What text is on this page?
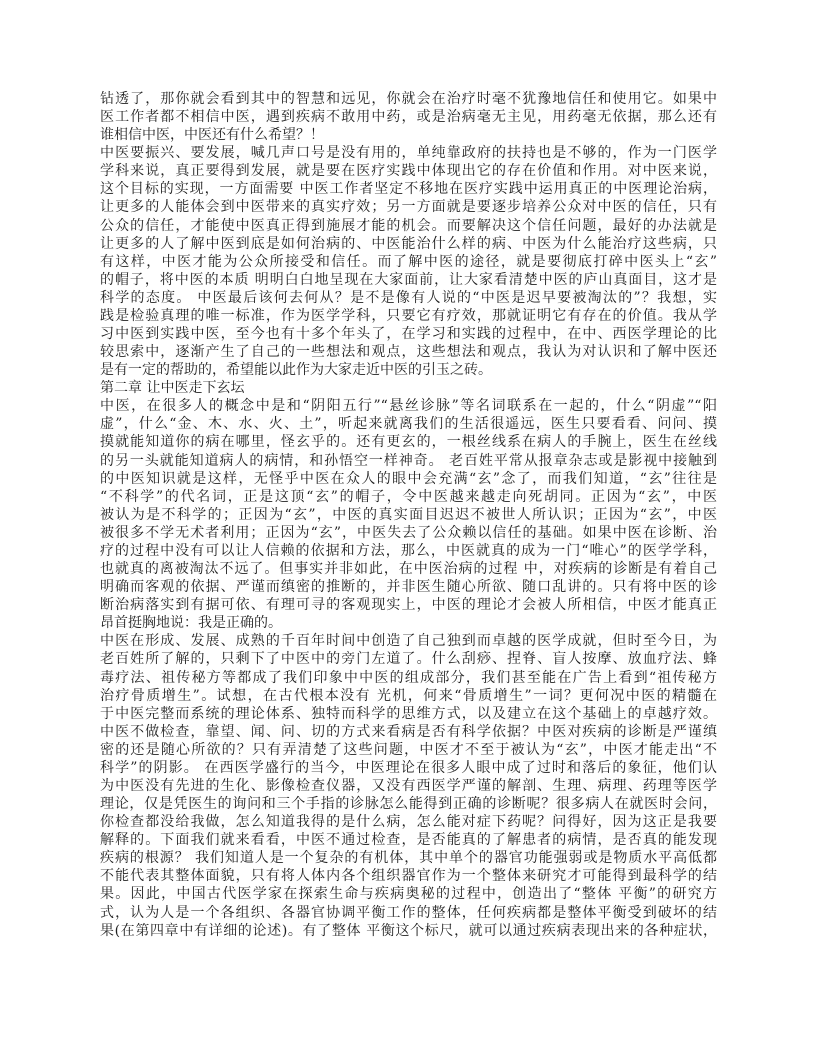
钻透了，那你就会看到其中的智慧和远见，你就会在治疗时毫不犹豫地信任和使用它。如果中
医工作者都不相信中医，遇到疾病不敢用中药，或是治病毫无主见，用药毫无依据，那么还有
谁相信中医，中医还有什么希望？！
中医要振兴、要发展，喊几声口号是没有用的，单纯靠政府的扶持也是不够的，作为一门医学
学科来说，真正要得到发展，就是要在医疗实践中体现出它的存在价值和作用。对中医来说，
这个目标的实现，一方面需要 中医工作者坚定不移地在医疗实践中运用真正的中医理论治病，
让更多的人能体会到中医带来的真实疗效；另一方面就是要逐步培养公众对中医的信任，只有
公众的信任，才能使中医真正得到施展才能的机会。而要解决这个信任问题，最好的办法就是
让更多的人了解中医到底是如何治病的、中医能治什么样的病、中医为什么能治疗这些病，只
有这样，中医才能为公众所接受和信任。而了解中医的途径，就是要彻底打碎中医头上“玄”
的帽子，将中医的本质 明明白白地呈现在大家面前，让大家看清楚中医的庐山真面目，这才是
科学的态度。 中医最后该何去何从？是不是像有人说的“中医是迟早要被淘汰的”？我想，实
践是检验真理的唯一标准，作为医学学科，只要它有疗效，那就证明它有存在的价值。我从学
习中医到实践中医，至今也有十多个年头了，在学习和实践的过程中，在中、西医学理论的比
较思索中，逐渐产生了自己的一些想法和观点，这些想法和观点，我认为对认识和了解中医还
是有一定的帮助的，希望能以此作为大家走近中医的引玉之砖。
第二章 让中医走下玄坛
中医，在很多人的概念中是和“阴阳五行”“悬丝诊脉”等名词联系在一起的，什么“阴虚”“阳
虚”，什么“金、木、水、火、土”，听起来就离我们的生活很遥远，医生只要看看、问问、摸
摸就能知道你的病在哪里，怪玄乎的。还有更玄的，一根丝线系在病人的手腕上，医生在丝线
的另一头就能知道病人的病情，和孙悟空一样神奇。 老百姓平常从报章杂志或是影视中接触到
的中医知识就是这样，无怪乎中医在众人的眼中会充满“玄”念了，而我们知道，“玄”往往是
“不科学”的代名词，正是这顶“玄”的帽子，令中医越来越走向死胡同。正因为“玄”，中医
被认为是不科学的；正因为“玄”，中医的真实面目迟迟不被世人所认识；正因为“玄”，中医
被很多不学无术者利用；正因为“玄”，中医失去了公众赖以信任的基础。如果中医在诊断、治
疗的过程中没有可以让人信赖的依据和方法，那么，中医就真的成为一门“唯心”的医学学科，
也就真的离被淘汰不远了。但事实并非如此，在中医治病的过程 中，对疾病的诊断是有着自己
明确而客观的依据、严谨而缜密的推断的，并非医生随心所欲、随口乱讲的。只有将中医的诊
断治病落实到有据可依、有理可寻的客观现实上，中医的理论才会被人所相信，中医才能真正
昂首挺胸地说：我是正确的。
中医在形成、发展、成熟的千百年时间中创造了自己独到而卓越的医学成就，但时至今日，为
老百姓所了解的，只剩下了中医中的旁门左道了。什么刮痧、捏脊、盲人按摩、放血疗法、蜂
毒疗法、祖传秘方等都成了我们印象中中医的组成部分，我们甚至能在广告上看到“祖传秘方
治疗骨质增生”。试想，在古代根本没有 光机，何来“骨质增生”一词？更何况中医的精髓在
于中医完整而系统的理论体系、独特而科学的思维方式，以及建立在这个基础上的卓越疗效。
中医不做检查，靠望、闻、问、切的方式来看病是否有科学依据？中医对疾病的诊断是严谨缜
密的还是随心所欲的？只有弄清楚了这些问题，中医才不至于被认为“玄”，中医才能走出“不
科学”的阴影。 在西医学盛行的当今，中医理论在很多人眼中成了过时和落后的象征，他们认
为中医没有先进的生化、影像检查仪器，又没有西医学严谨的解剖、生理、病理、药理等医学
理论，仅是凭医生的询问和三个手指的诊脉怎么能得到正确的诊断呢？很多病人在就医时会问，
你检查都没给我做，怎么知道我得的是什么病，怎么能对症下药呢？问得好，因为这正是我要
解释的。下面我们就来看看，中医不通过检查，是否能真的了解患者的病情，是否真的能发现
疾病的根源？ 我们知道人是一个复杂的有机体，其中单个的器官功能强弱或是物质水平高低都
不能代表其整体面貌，只有将人体内各个组织器官作为一个整体来研究才可能得到最科学的结
果。因此，中国古代医学家在探索生命与疾病奥秘的过程中，创造出了“整体 平衡”的研究方
式，认为人是一个各组织、各器官协调平衡工作的整体，任何疾病都是整体平衡受到破坏的结
果(在第四章中有详细的论述)。有了整体 平衡这个标尺，就可以通过疾病表现出来的各种症状，
